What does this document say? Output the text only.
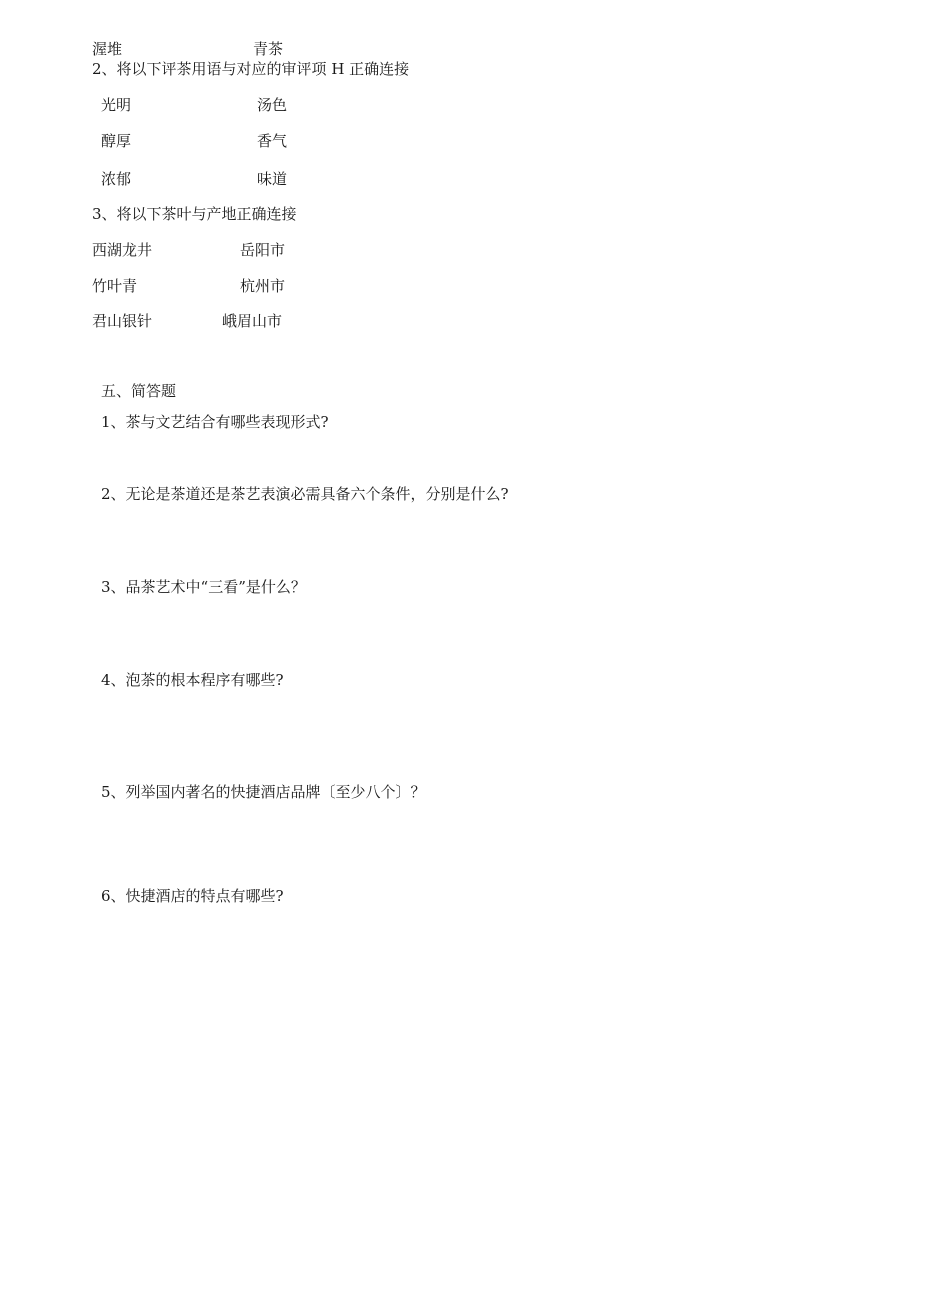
渥堆	青茶
2、将以下评茶用语与对应的审评项 H 正确连接
光明	汤色
醇厚	香气
浓郁	味道
3、将以下茶叶与产地正确连接
西湖龙井	岳阳市
竹叶青	杭州市
君山银针	峨眉山市
五、简答题
1、茶与文艺结合有哪些表现形式?
2、无论是茶道还是茶艺表演必需具备六个条件，分别是什么?
3、品茶艺术中“三看”是什么？
4、泡茶的根本程序有哪些?
5、列举国内著名的快捷酒店品牌〔至少八个〕？
6、快捷酒店的特点有哪些?
